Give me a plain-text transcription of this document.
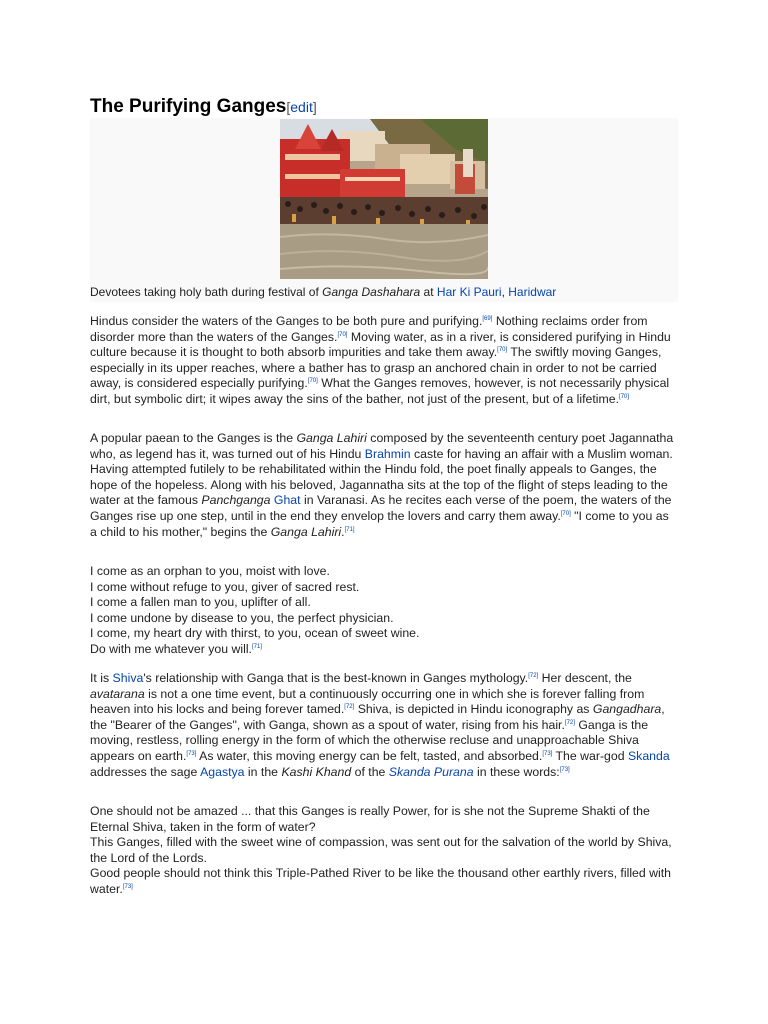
The Purifying Ganges[edit]
Devotees taking holy bath during festival of Ganga Dashahara at Har Ki Pauri, Haridwar

Hindus consider the waters of the Ganges to be both pure and purifying.[69] Nothing reclaims order from disorder more than the waters of the Ganges.[70] Moving water, as in a river, is considered purifying in Hindu culture because it is thought to both absorb impurities and take them away.[70] The swiftly moving Ganges, especially in its upper reaches, where a bather has to grasp an anchored chain in order to not be carried away, is considered especially purifying.[70] What the Ganges removes, however, is not necessarily physical dirt, but symbolic dirt; it wipes away the sins of the bather, not just of the present, but of a lifetime.[70]

A popular paean to the Ganges is the Ganga Lahiri composed by the seventeenth century poet Jagannatha who, as legend has it, was turned out of his Hindu Brahmin caste for having an affair with a Muslim woman. Having attempted futilely to be rehabilitated within the Hindu fold, the poet finally appeals to Ganges, the hope of the hopeless. Along with his beloved, Jagannatha sits at the top of the flight of steps leading to the water at the famous Panchganga Ghat in Varanasi. As he recites each verse of the poem, the waters of the Ganges rise up one step, until in the end they envelop the lovers and carry them away.[70] "I come to you as a child to his mother," begins the Ganga Lahiri.[71]

I come as an orphan to you, moist with love.
I come without refuge to you, giver of sacred rest.
I come a fallen man to you, uplifter of all.
I come undone by disease to you, the perfect physician.
I come, my heart dry with thirst, to you, ocean of sweet wine.
Do with me whatever you will.[71]

It is Shiva's relationship with Ganga that is the best-known in Ganges mythology.[72] Her descent, the avatarana is not a one time event, but a continuously occurring one in which she is forever falling from heaven into his locks and being forever tamed.[72] Shiva, is depicted in Hindu iconography as Gangadhara, the "Bearer of the Ganges", with Ganga, shown as a spout of water, rising from his hair.[72] Ganga is the moving, restless, rolling energy in the form of which the otherwise recluse and unapproachable Shiva appears on earth.[73] As water, this moving energy can be felt, tasted, and absorbed.[73] The war-god Skanda addresses the sage Agastya in the Kashi Khand of the Skanda Purana in these words:[73]

One should not be amazed ... that this Ganges is really Power, for is she not the Supreme Shakti of the Eternal Shiva, taken in the form of water?
This Ganges, filled with the sweet wine of compassion, was sent out for the salvation of the world by Shiva, the Lord of the Lords.
Good people should not think this Triple-Pathed River to be like the thousand other earthly rivers, filled with water.[73]
